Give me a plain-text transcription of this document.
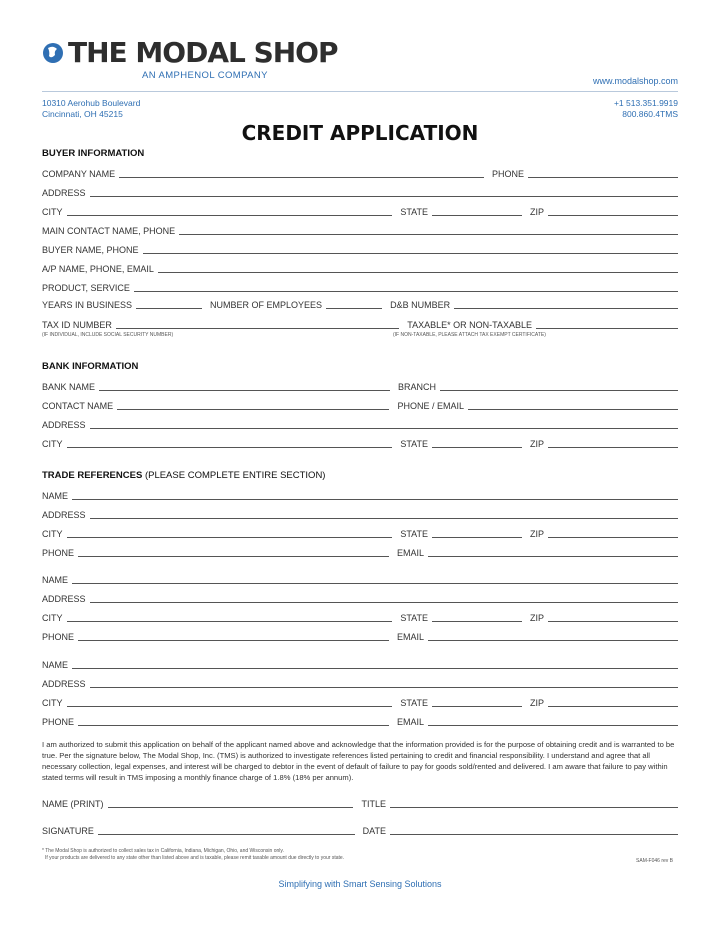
THE MODAL SHOP
AN AMPHENOL COMPANY	www.modalshop.com
10310 Aerohub Boulevard
Cincinnati, OH 45215
+1 513.351.9919
800.860.4TMS
CREDIT APPLICATION
BUYER INFORMATION
COMPANY NAME	PHONE
ADDRESS
CITY	STATE	ZIP
MAIN CONTACT NAME, PHONE
BUYER NAME, PHONE
A/P NAME, PHONE, EMAIL
PRODUCT, SERVICE
YEARS IN BUSINESS	NUMBER OF EMPLOYEES	D&B NUMBER
TAX ID NUMBER	TAXABLE* OR NON-TAXABLE
(IF INDIVIDUAL, INCLUDE SOCIAL SECURITY NUMBER)	(IF NON-TAXABLE, PLEASE ATTACH TAX EXEMPT CERTIFICATE)
BANK INFORMATION
BANK NAME	BRANCH
CONTACT NAME	PHONE / EMAIL
ADDRESS
CITY	STATE	ZIP
TRADE REFERENCES (PLEASE COMPLETE ENTIRE SECTION)
NAME
ADDRESS
CITY	STATE	ZIP
PHONE	EMAIL
NAME
ADDRESS
CITY	STATE	ZIP
PHONE	EMAIL
NAME
ADDRESS
CITY	STATE	ZIP
PHONE	EMAIL
I am authorized to submit this application on behalf of the applicant named above and acknowledge that the information provided is for the purpose of obtaining credit and is warranted to be true. Per the signature below, The Modal Shop, Inc. (TMS) is authorized to investigate references listed pertaining to credit and financial responsibility. I understand and agree that all necessary collection, legal expenses, and interest will be charged to debtor in the event of default of failure to pay for goods sold/rented and delivered. I am aware that failure to pay within stated terms will result in TMS imposing a monthly finance charge of 1.8% (18% per annum).
NAME (PRINT)	TITLE
SIGNATURE	DATE
* The Modal Shop is authorized to collect sales tax in California, Indiana, Michigan, Ohio, and Wisconsin only.
If your products are delivered to any state other than listed above and is taxable, please remit taxable amount due directly to your state.	SAM-F046 rev B
Simplifying with Smart Sensing Solutions
